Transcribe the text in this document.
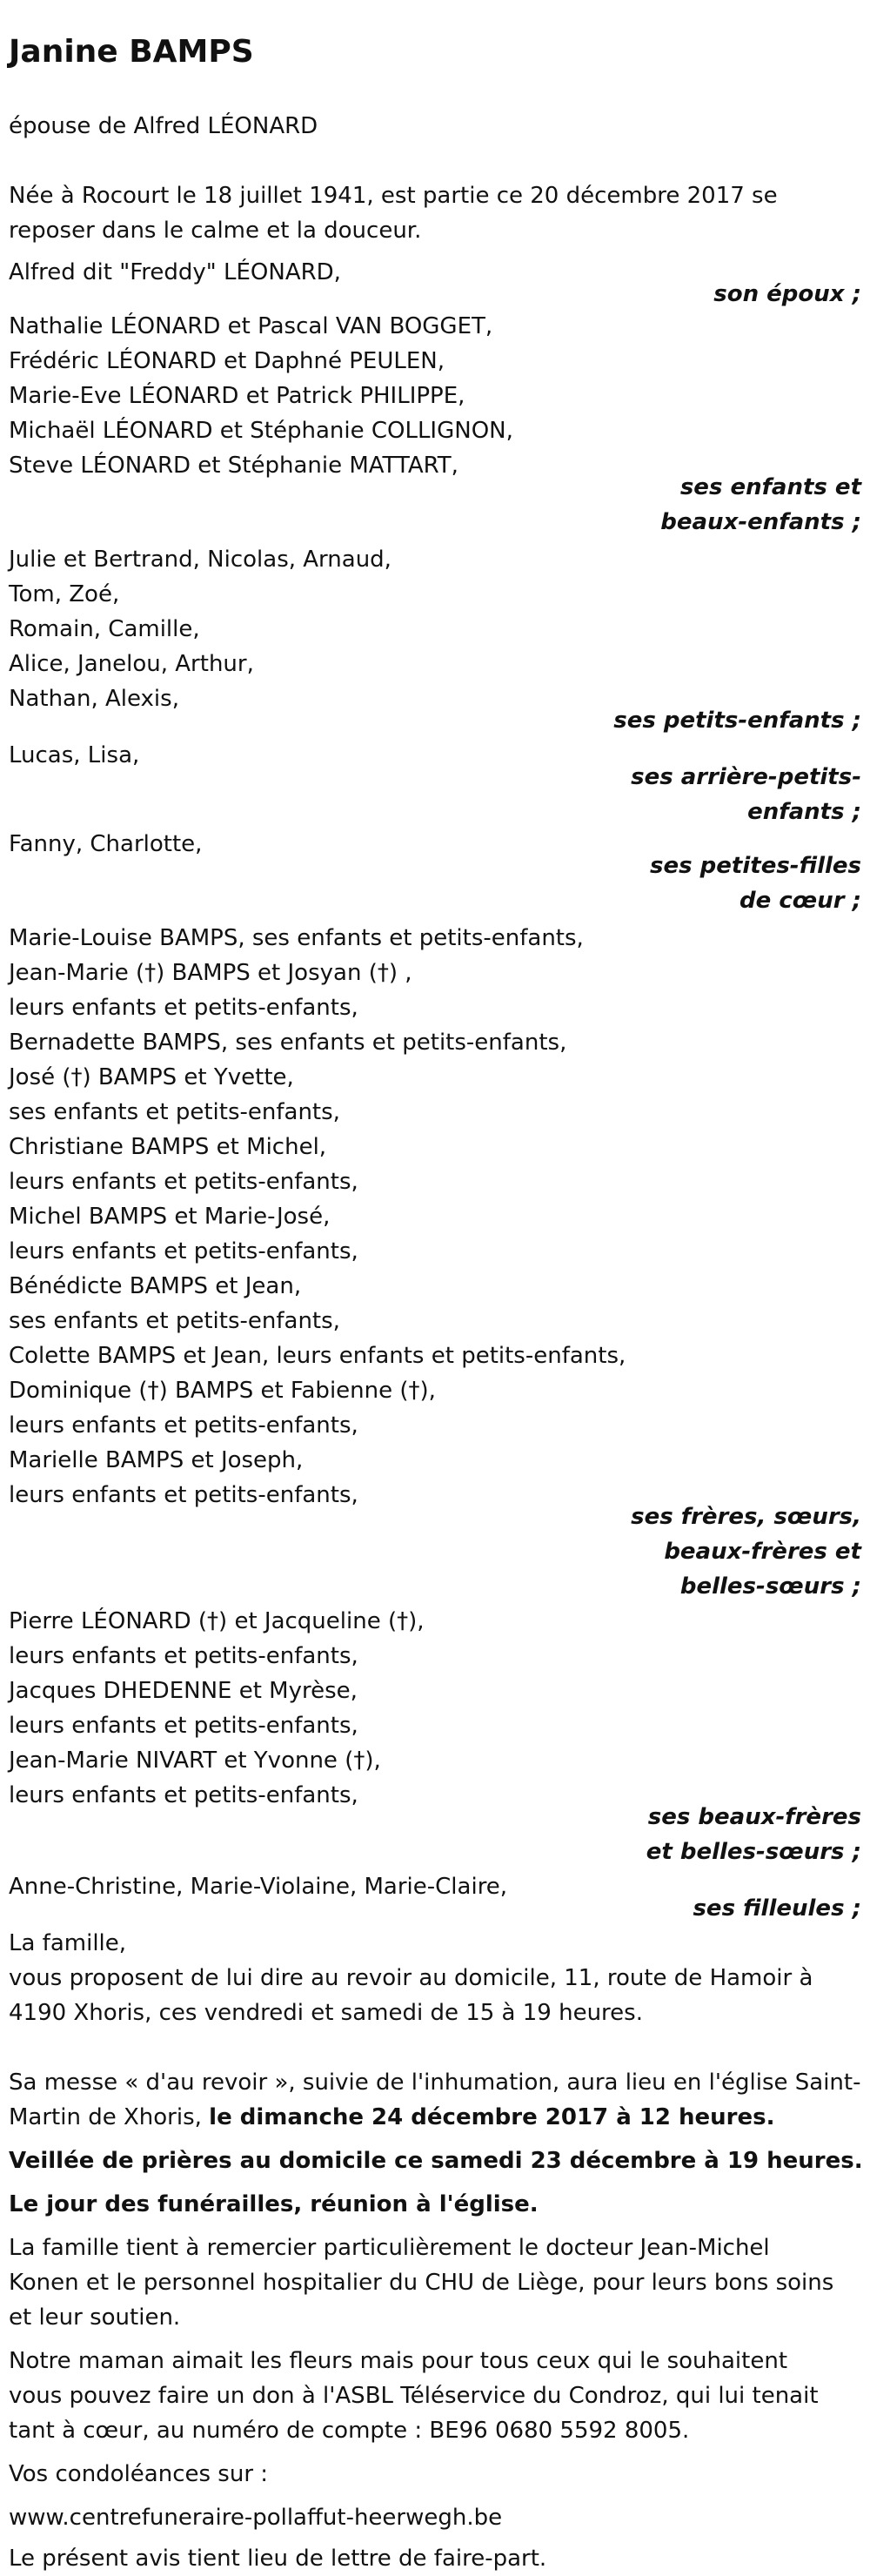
Janine BAMPS

épouse de Alfred LÉONARD

Née à Rocourt le 18 juillet 1941, est partie ce 20 décembre 2017 se

reposer dans le calme et la douceur.

Alfred dit "Freddy" LÉONARD,

son époux ;

Nathalie LÉONARD et Pascal VAN BOGGET,

Frédéric LÉONARD et Daphné PEULEN,

Marie-Eve LÉONARD et Patrick PHILIPPE,

Michaël LÉONARD et Stéphanie COLLIGNON,

Steve LÉONARD et Stéphanie MATTART,

ses enfants et

beaux-enfants ;

Julie et Bertrand, Nicolas, Arnaud,

Tom, Zoé,

Romain, Camille,

Alice, Janelou, Arthur,

Nathan, Alexis,

ses petits-enfants ;

Lucas, Lisa,

ses arrière-petits-

enfants ;

Fanny, Charlotte,

ses petites-filles

de cœur ;

Marie-Louise BAMPS, ses enfants et petits-enfants,

Jean-Marie (†) BAMPS et Josyan (†) ,

leurs enfants et petits-enfants,

Bernadette BAMPS, ses enfants et petits-enfants,

José (†) BAMPS et Yvette,

ses enfants et petits-enfants,

Christiane BAMPS et Michel,

leurs enfants et petits-enfants,

Michel BAMPS et Marie-José,

leurs enfants et petits-enfants,

Bénédicte BAMPS et Jean,

ses enfants et petits-enfants,

Colette BAMPS et Jean, leurs enfants et petits-enfants,

Dominique (†) BAMPS et Fabienne (†),

leurs enfants et petits-enfants,

Marielle BAMPS et Joseph,

leurs enfants et petits-enfants,

ses frères, sœurs,

beaux-frères et

belles-sœurs ;

Pierre LÉONARD (†) et Jacqueline (†),

leurs enfants et petits-enfants,

Jacques DHEDENNE et Myrèse,

leurs enfants et petits-enfants,

Jean-Marie NIVART et Yvonne (†),

leurs enfants et petits-enfants,

ses beaux-frères

et belles-sœurs ;

Anne-Christine, Marie-Violaine, Marie-Claire,

ses filleules ;

La famille,

vous proposent de lui dire au revoir au domicile, 11, route de Hamoir à

4190 Xhoris, ces vendredi et samedi de 15 à 19 heures.

Sa messe « d'au revoir », suivie de l'inhumation, aura lieu en l'église Saint-

Martin de Xhoris, le dimanche 24 décembre 2017 à 12 heures.

Veillée de prières au domicile ce samedi 23 décembre à 19 heures.

Le jour des funérailles, réunion à l'église.

La famille tient à remercier particulièrement le docteur Jean-Michel

Konen et le personnel hospitalier du CHU de Liège, pour leurs bons soins

et leur soutien.

Notre maman aimait les fleurs mais pour tous ceux qui le souhaitent

vous pouvez faire un don à l'ASBL Téléservice du Condroz, qui lui tenait

tant à cœur, au numéro de compte : BE96 0680 5592 8005.

Vos condoléances sur :

www.centrefuneraire-pollaffut-heerwegh.be

Le présent avis tient lieu de lettre de faire-part.
